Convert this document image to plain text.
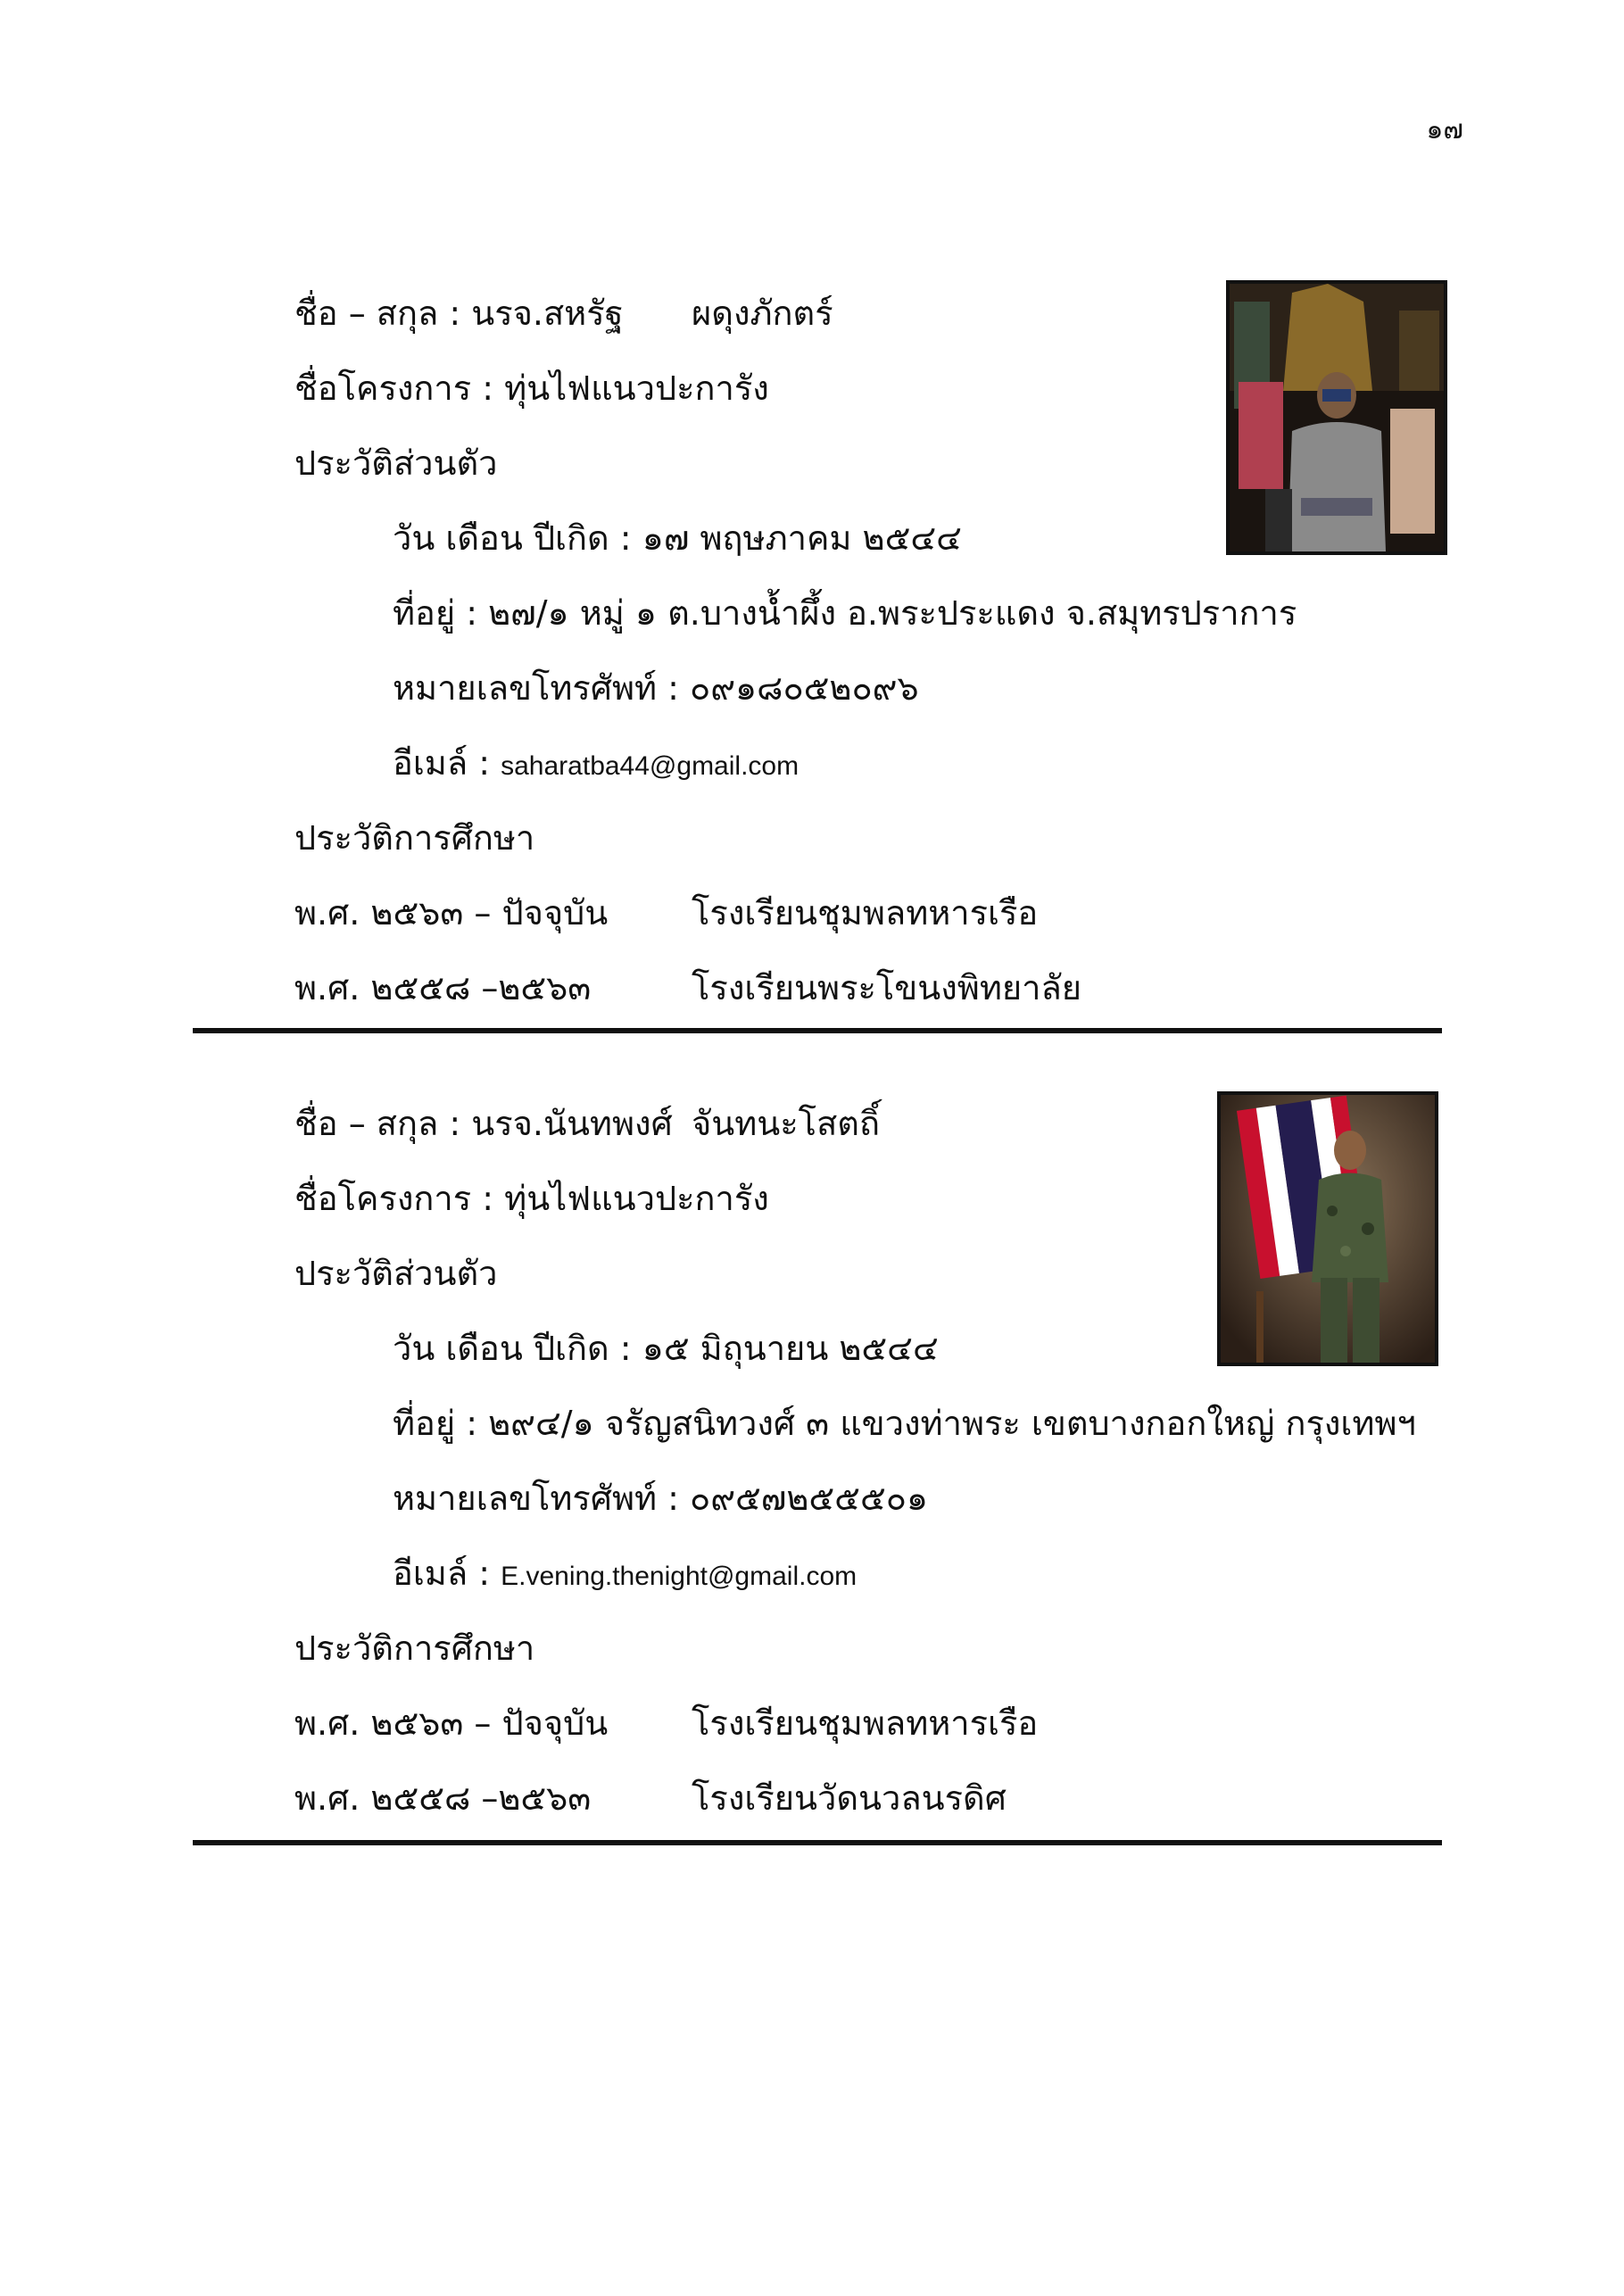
๑๗
ชื่อ – สกุล : นรจ.สหรัฐ ผดุงภักตร์
ชื่อโครงการ : ทุ่นไฟแนวปะการัง
ประวัติส่วนตัว
วัน เดือน ปีเกิด : ๑๗ พฤษภาคม ๒๕๔๔
ที่อยู่ : ๒๗/๑ หมู่ ๑ ต.บางน้ำผึ้ง อ.พระประแดง จ.สมุทรปราการ
หมายเลขโทรศัพท์ : ๐๙๑๘๐๕๒๐๙๖
อีเมล์ : saharatba44@gmail.com
ประวัติการศึกษา
พ.ศ. ๒๕๖๓ – ปัจจุบัน โรงเรียนชุมพลทหารเรือ
พ.ศ. ๒๕๕๘ –๒๕๖๓	โรงเรียนพระโขนงพิทยาลัย
ชื่อ – สกุล : นรจ.นันทพงศ์ จันทนะโสตถิ์
ชื่อโครงการ : ทุ่นไฟแนวปะการัง
ประวัติส่วนตัว
วัน เดือน ปีเกิด : ๑๕ มิถุนายน ๒๕๔๔
ที่อยู่ : ๒๙๔/๑ จรัญสนิทวงศ์ ๓ แขวงท่าพระ เขตบางกอกใหญ่ กรุงเทพฯ
หมายเลขโทรศัพท์ : ๐๙๕๗๒๕๕๕๐๑
อีเมล์ : E.vening.thenight@gmail.com
ประวัติการศึกษา
พ.ศ. ๒๕๖๓ – ปัจจุบัน โรงเรียนชุมพลทหารเรือ
พ.ศ. ๒๕๕๘ –๒๕๖๓	โรงเรียนวัดนวลนรดิศ
